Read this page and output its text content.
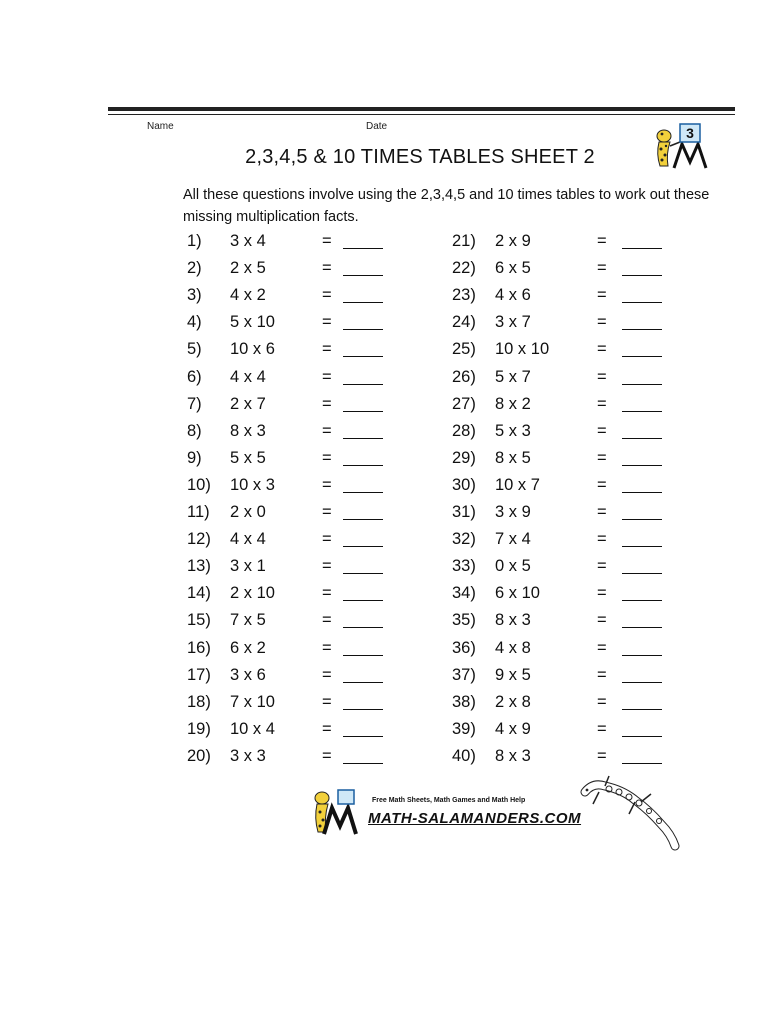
Name	Date	3
2,3,4,5 & 10 TIMES TABLES SHEET 2
All these questions involve using the 2,3,4,5 and 10 times tables to work out these missing multiplication facts.
1) 3 x 4	=
2) 2 x 5	=
3) 4 x 2	=
4) 5 x 10	=
5) 10 x 6	=
6) 4 x 4	=
7) 2 x 7	=
8) 8 x 3	=
9) 5 x 5	=
10) 10 x 3	=
11) 2 x 0	=
12) 4 x 4	=
13) 3 x 1	=
14) 2 x 10	=
15) 7 x 5	=
16) 6 x 2	=
17) 3 x 6	=
18) 7 x 10	=
19) 10 x 4	=
20) 3 x 3	=
21) 2 x 9	=
22) 6 x 5	=
23) 4 x 6	=
24) 3 x 7	=
25) 10 x 10	=
26) 5 x 7	=
27) 8 x 2	=
28) 5 x 3	=
29) 8 x 5	=
30) 10 x 7	=
31) 3 x 9	=
32) 7 x 4	=
33) 0 x 5	=
34) 6 x 10	=
35) 8 x 3	=
36) 4 x 8	=
37) 9 x 5	=
38) 2 x 8	=
39) 4 x 9	=
40) 8 x 3	=
Free Math Sheets, Math Games and Math Help
MATH-SALAMANDERS.COM
